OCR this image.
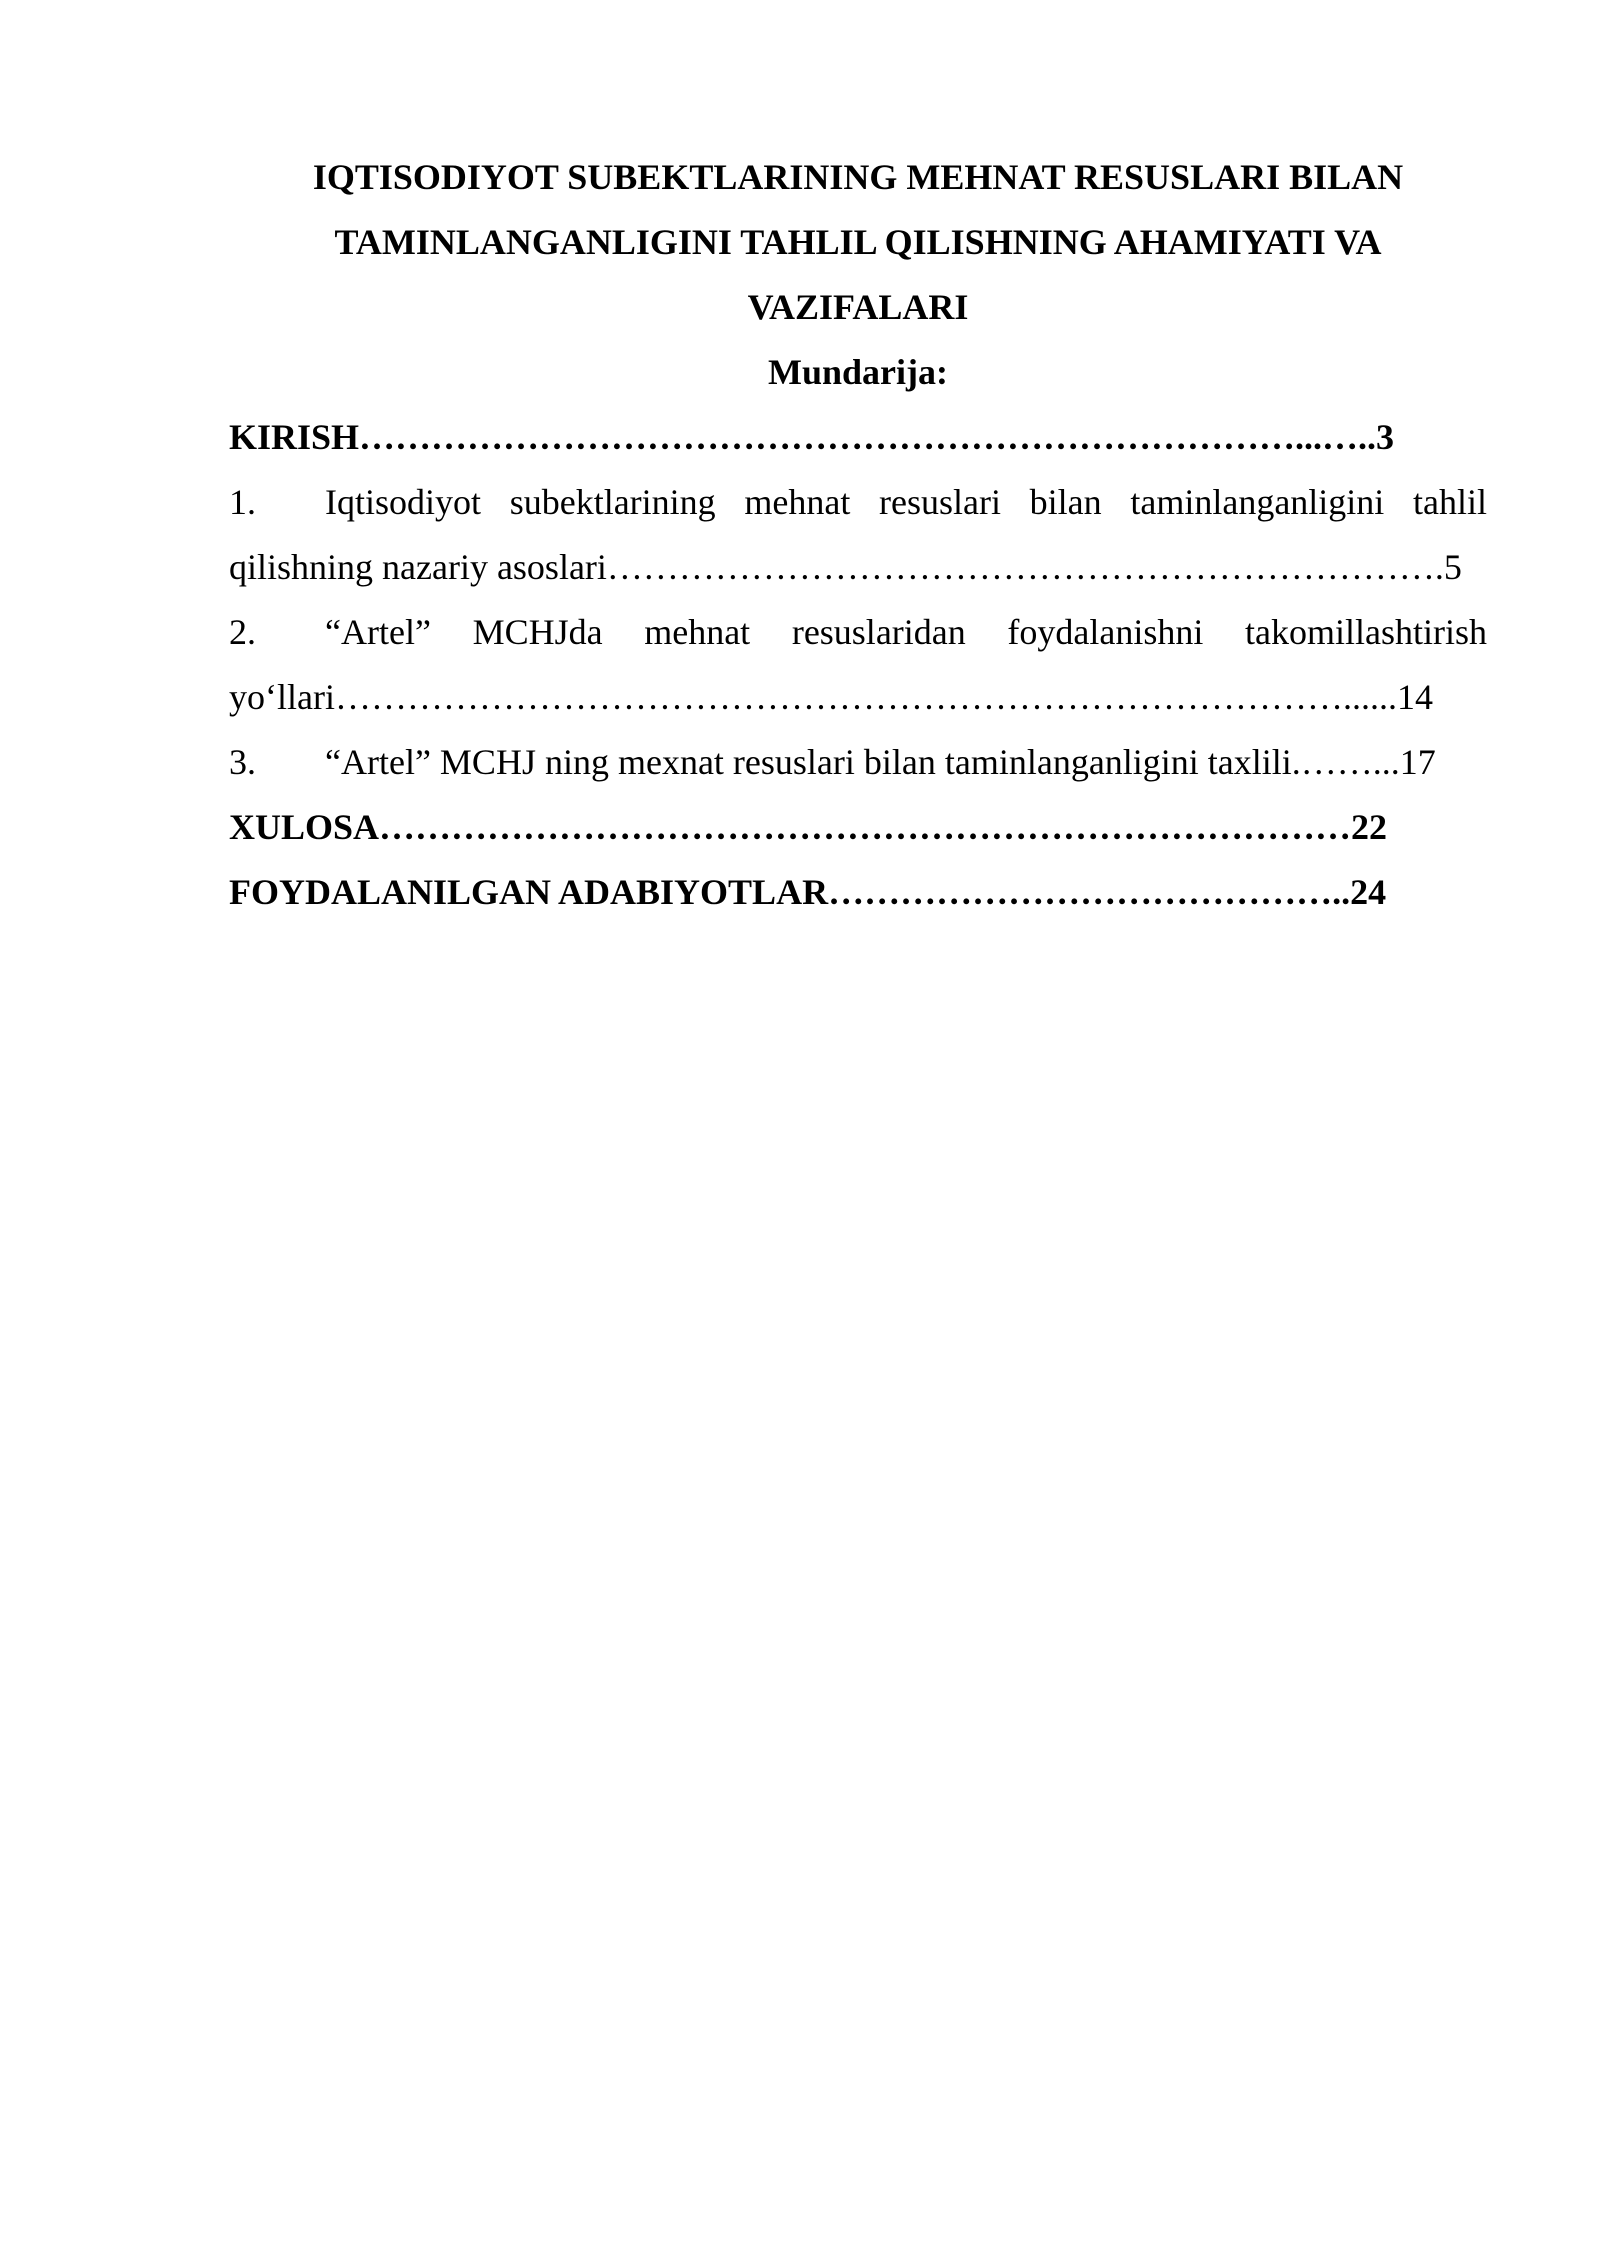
IQTISODIYOT SUBEKTLARINING MEHNAT RESUSLARI BILAN
TAMINLANGANLIGINI TAHLIL QILISHNING AHAMIYATI VA
VAZIFALARI
Mundarija:
KIRISH……………………………………………………………………...…..3
1. Iqtisodiyot subektlarining mehnat resuslari bilan taminlanganligini tahlil
qilishning nazariy asoslari…………………………………………………………….5
2. “Artel” MCHJda mehnat resuslaridan foydalanishni takomillashtirish
yo‘llari…………………………………………………………………………......14
3. “Artel” MCHJ ning mexnat resuslari bilan taminlanganligini taxlili.……...17
XULOSA………………………………………………………………………22
FOYDALANILGAN ADABIYOTLAR……………………………………..24
